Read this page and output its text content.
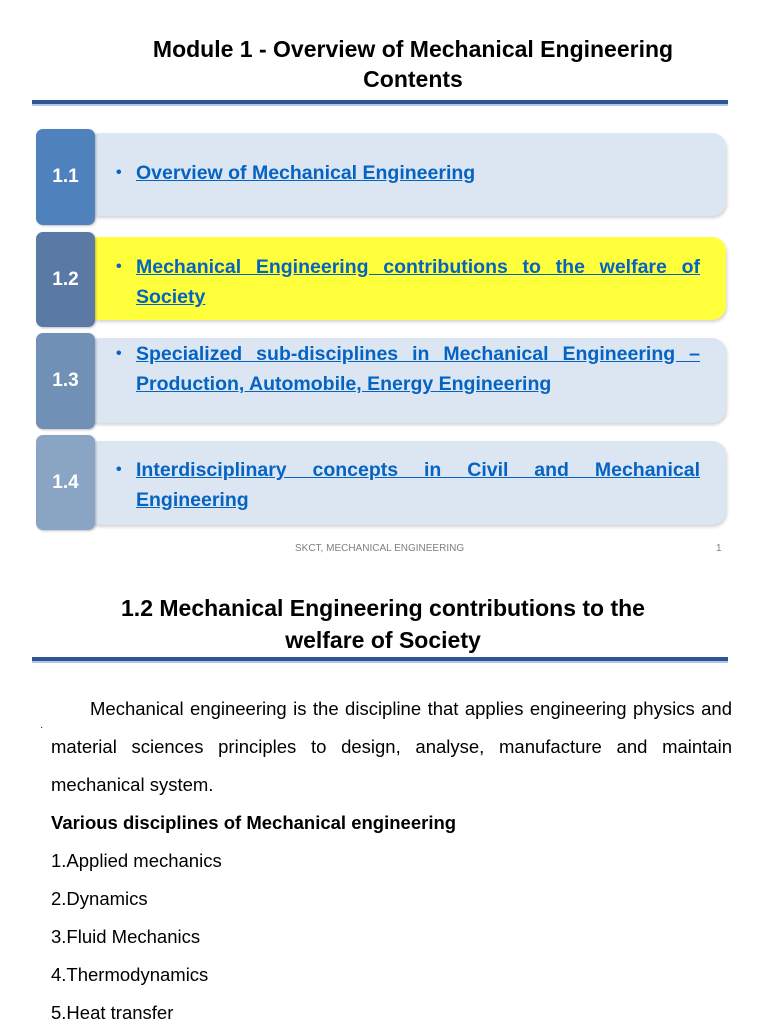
Module 1 - Overview of Mechanical Engineering
Contents
1.1	• Overview of Mechanical Engineering
1.2
• Mechanical Engineering contributions to the welfare of Society
1.3
• Specialized sub-disciplines in Mechanical Engineering – Production, Automobile, Energy Engineering
1.4
• Interdisciplinary concepts in Civil and Mechanical Engineering
SKCT, MECHANICAL ENGINEERING	1
1.2 Mechanical Engineering contributions to the
welfare of Society
·

Mechanical engineering is the discipline that applies engineering physics and material sciences principles to design, analyse, manufacture and maintain mechanical system.

Various disciplines of Mechanical engineering

1.Applied mechanics

2.Dynamics

3.Fluid Mechanics

4.Thermodynamics

5.Heat transfer
